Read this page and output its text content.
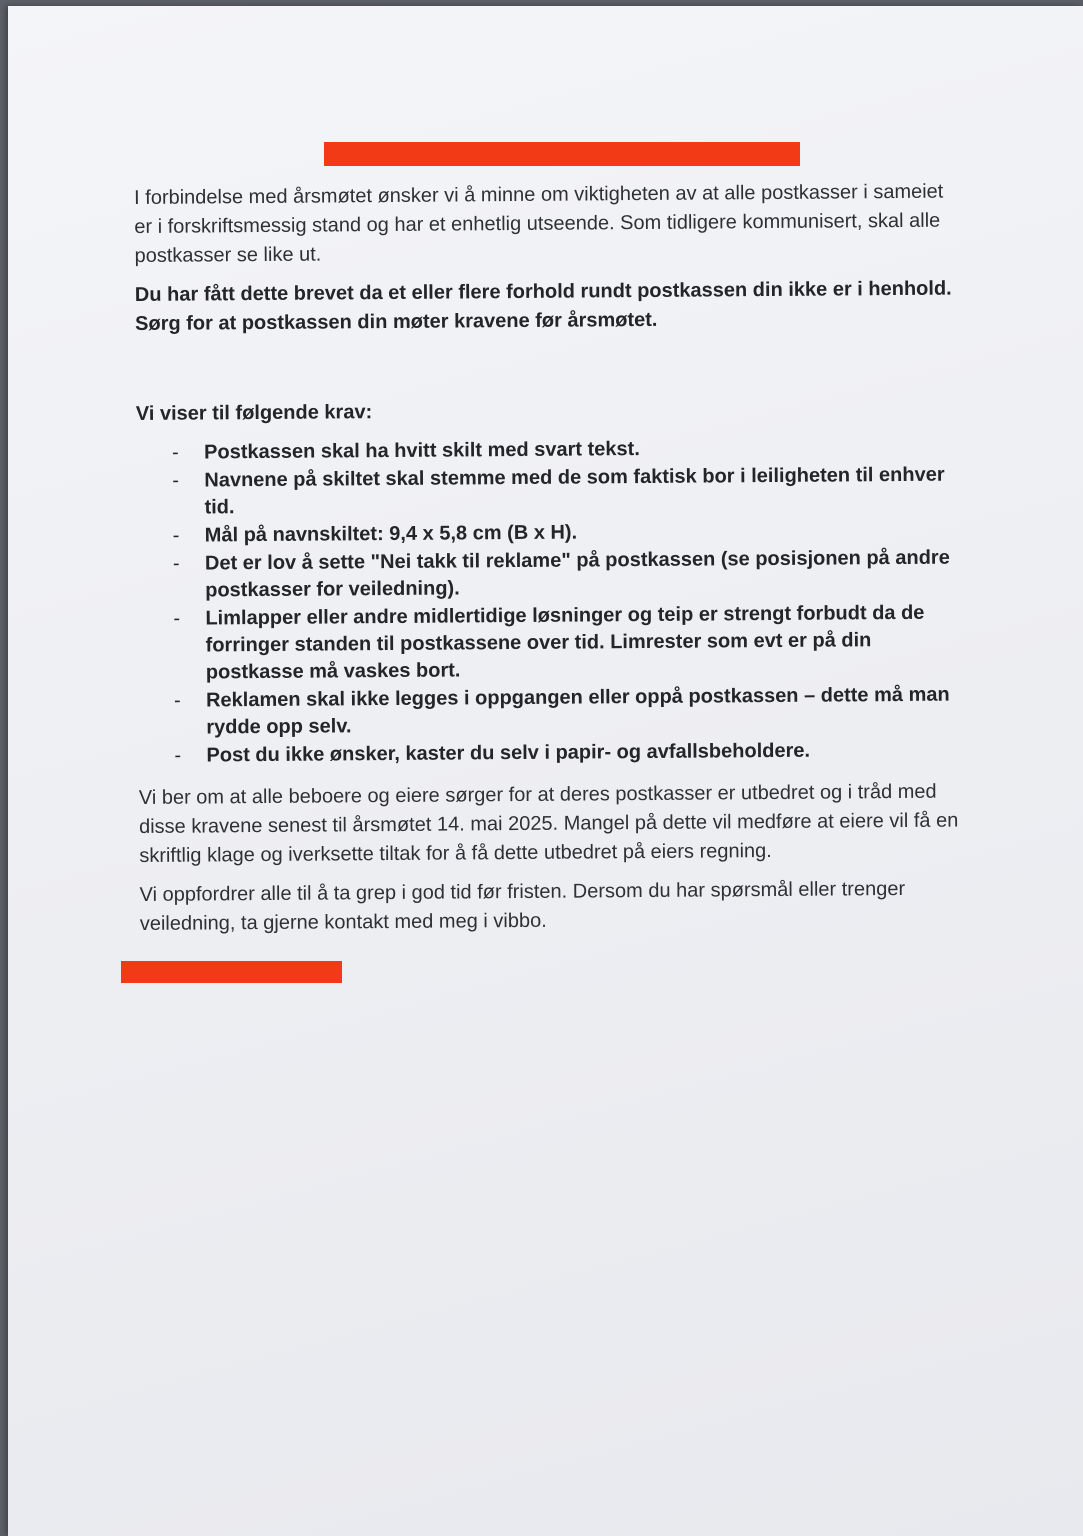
I forbindelse med årsmøtet ønsker vi å minne om viktigheten av at alle postkasser i sameiet er i forskriftsmessig stand og har et enhetlig utseende. Som tidligere kommunisert, skal alle postkasser se like ut.

Du har fått dette brevet da et eller flere forhold rundt postkassen din ikke er i henhold. Sørg for at postkassen din møter kravene før årsmøtet.

Vi viser til følgende krav:
- Postkassen skal ha hvitt skilt med svart tekst.
- Navnene på skiltet skal stemme med de som faktisk bor i leiligheten til enhver tid.
- Mål på navnskiltet: 9,4 x 5,8 cm (B x H).
- Det er lov å sette "Nei takk til reklame" på postkassen (se posisjonen på andre postkasser for veiledning).
- Limlapper eller andre midlertidige løsninger og teip er strengt forbudt da de forringer standen til postkassene over tid. Limrester som evt er på din postkasse må vaskes bort.
- Reklamen skal ikke legges i oppgangen eller oppå postkassen – dette må man rydde opp selv.
- Post du ikke ønsker, kaster du selv i papir- og avfallsbeholdere.

Vi ber om at alle beboere og eiere sørger for at deres postkasser er utbedret og i tråd med disse kravene senest til årsmøtet 14. mai 2025. Mangel på dette vil medføre at eiere vil få en skriftlig klage og iverksette tiltak for å få dette utbedret på eiers regning.

Vi oppfordrer alle til å ta grep i god tid før fristen. Dersom du har spørsmål eller trenger veiledning, ta gjerne kontakt med meg i vibbo.
